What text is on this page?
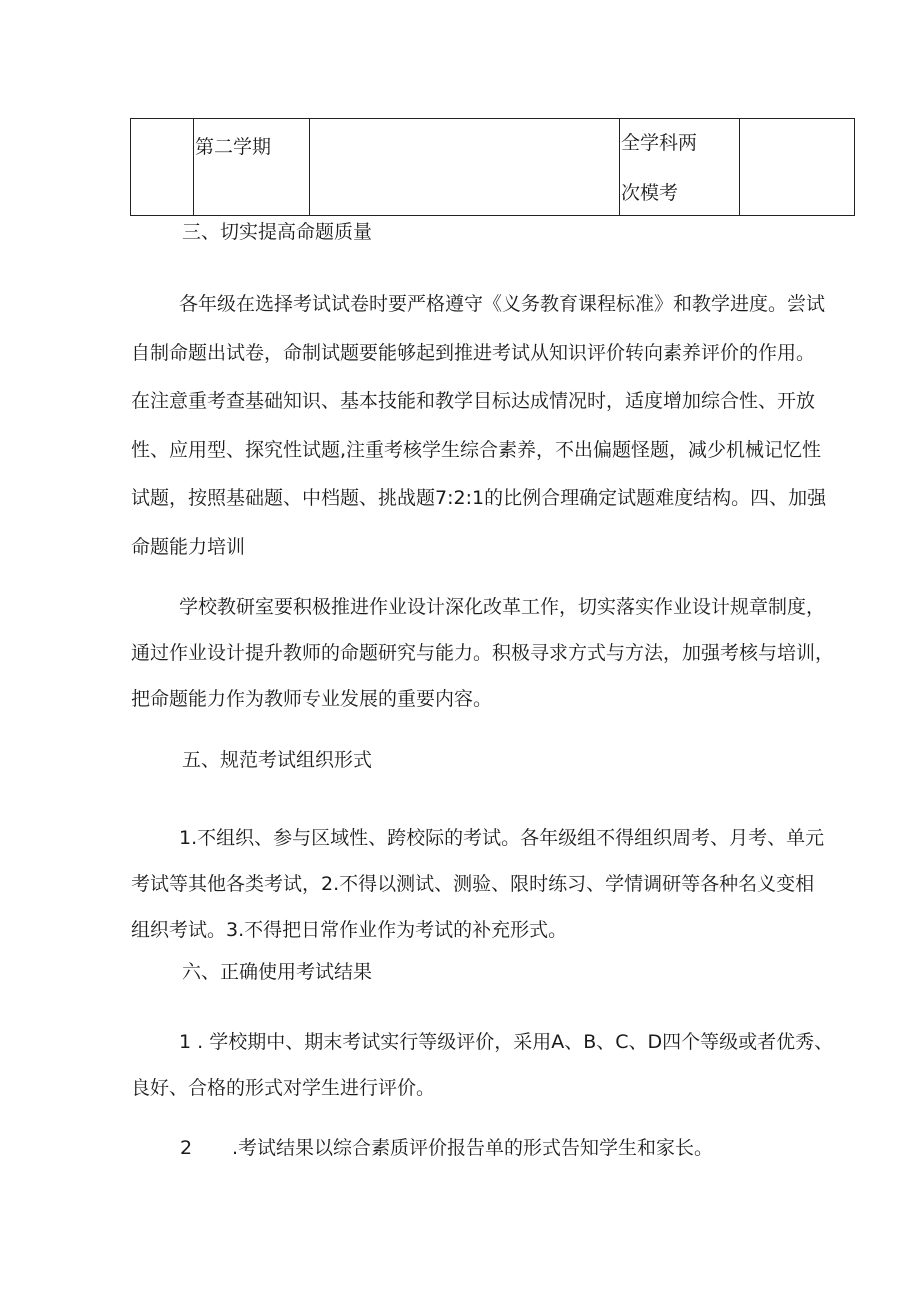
第二学期	全学科两
次模考
三、切实提高命题质量
各年级在选择考试试卷时要严格遵守《义务教育课程标准》和教学进度。尝试
自制命题出试卷，命制试题要能够起到推进考试从知识评价转向素养评价的作用。
在注意重考查基础知识、基本技能和教学目标达成情况时，适度增加综合性、开放
性、应用型、探究性试题,注重考核学生综合素养，不出偏题怪题，减少机械记忆性
试题，按照基础题、中档题、挑战题7:2:1的比例合理确定试题难度结构。四、加强
命题能力培训
学校教研室要积极推进作业设计深化改革工作，切实落实作业设计规章制度，
通过作业设计提升教师的命题研究与能力。积极寻求方式与方法，加强考核与培训，
把命题能力作为教师专业发展的重要内容。
五、规范考试组织形式
1.不组织、参与区域性、跨校际的考试。各年级组不得组织周考、月考、单元
考试等其他各类考试，2.不得以测试、测验、限时练习、学情调研等各种名义变相
组织考试。3.不得把日常作业作为考试的补充形式。
六、正确使用考试结果
1 . 学校期中、期末考试实行等级评价，采用A、B、C、D四个等级或者优秀、
良好、合格的形式对学生进行评价。
2 .考试结果以综合素质评价报告单的形式告知学生和家长。
